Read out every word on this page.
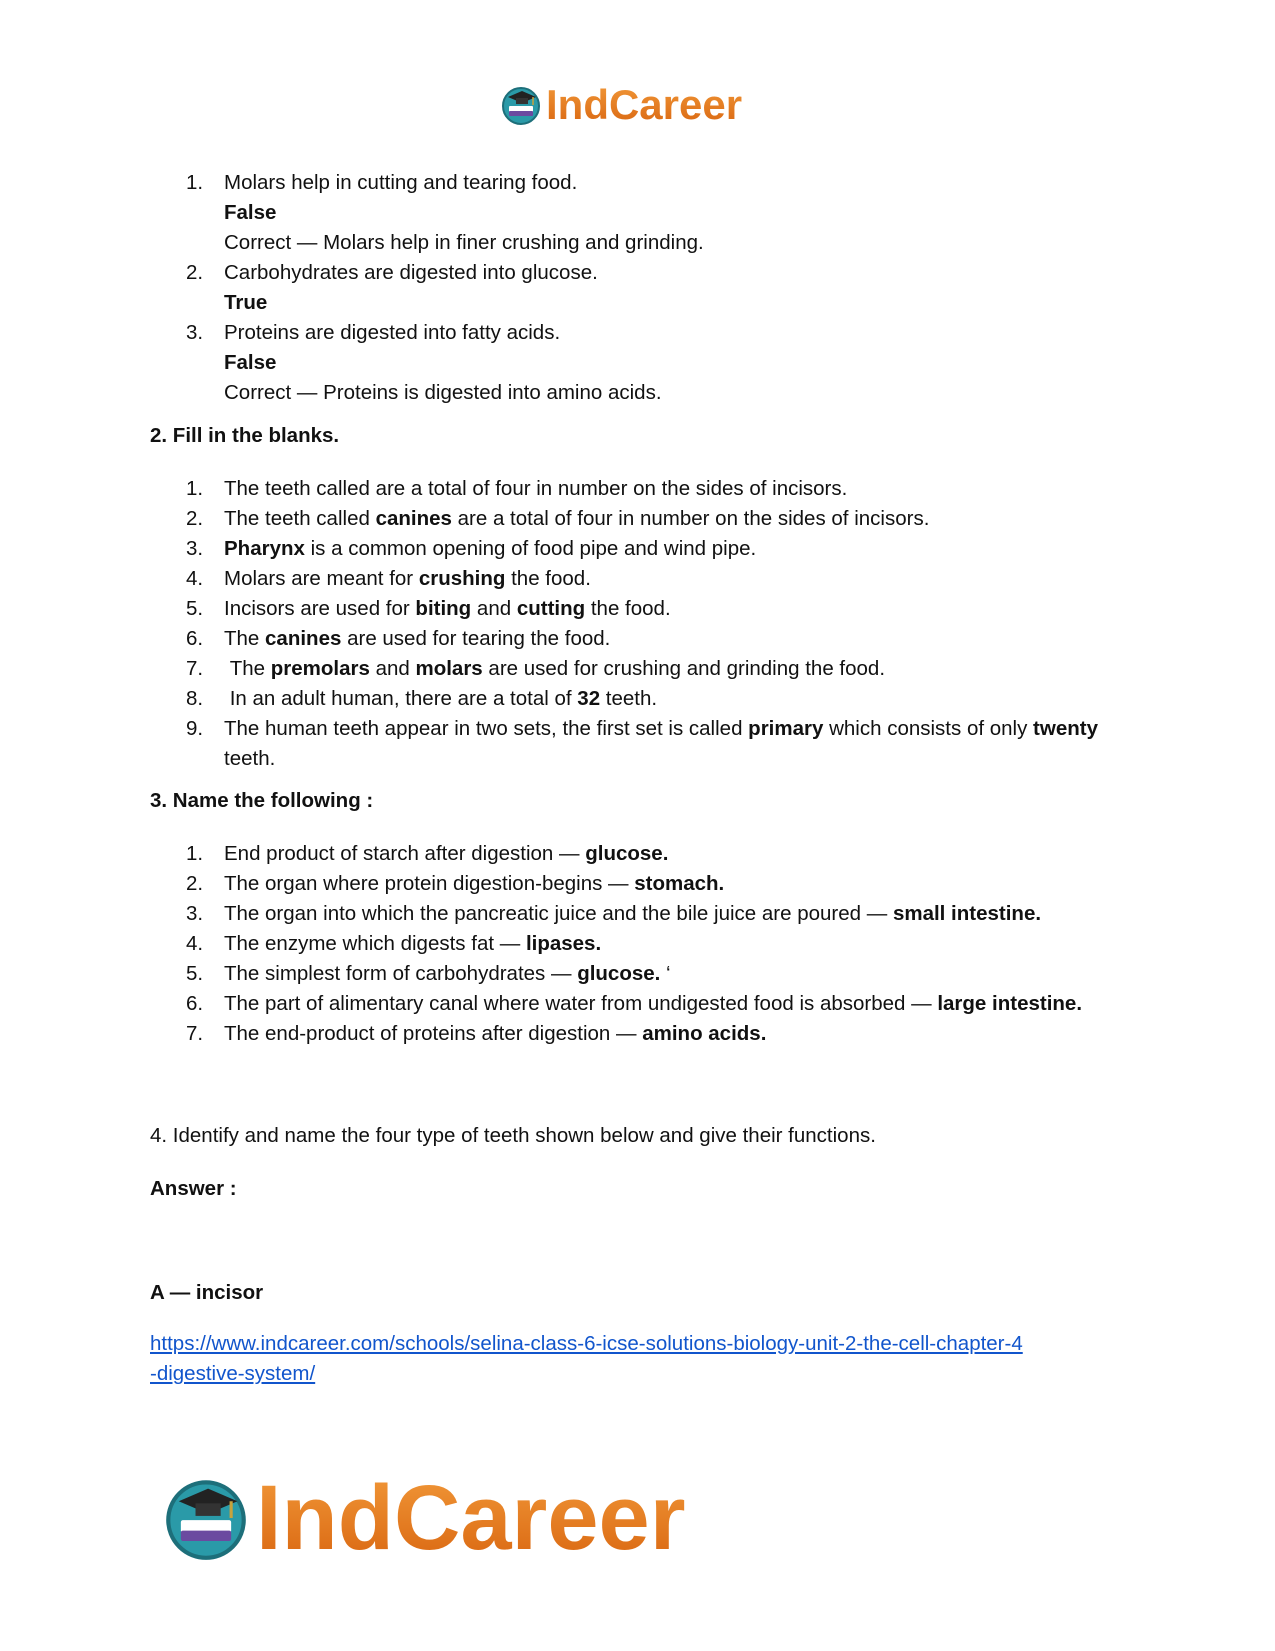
IndCareer
1.	Molars help in cutting and tearing food.
False
Correct — Molars help in finer crushing and grinding.
2.	Carbohydrates are digested into glucose.
True
3.	Proteins are digested into fatty acids.
False
Correct — Proteins is digested into amino acids.
2. Fill in the blanks.
1.	The teeth called are a total of four in number on the sides of incisors.
2.	The teeth called canines are a total of four in number on the sides of incisors.
3.	Pharynx is a common opening of food pipe and wind pipe.
4.	Molars are meant for crushing the food.
5.	Incisors are used for biting and cutting the food.
6.	The canines are used for tearing the food.
7.	The premolars and molars are used for crushing and grinding the food.
8.	In an adult human, there are a total of 32 teeth.
9.	The human teeth appear in two sets, the first set is called primary which consists of only twenty teeth.
3. Name the following :
1.	End product of starch after digestion — glucose.
2.	The organ where protein digestion-begins — stomach.
3.	The organ into which the pancreatic juice and the bile juice are poured — small intestine.
4.	The enzyme which digests fat — lipases.
5.	The simplest form of carbohydrates — glucose. ‘
6.	The part of alimentary canal where water from undigested food is absorbed — large intestine.
7.	The end-product of proteins after digestion — amino acids.
4. Identify and name the four type of teeth shown below and give their functions.
Answer :
A — incisor
https://www.indcareer.com/schools/selina-class-6-icse-solutions-biology-unit-2-the-cell-chapter-4
-digestive-system/
IndCareer
